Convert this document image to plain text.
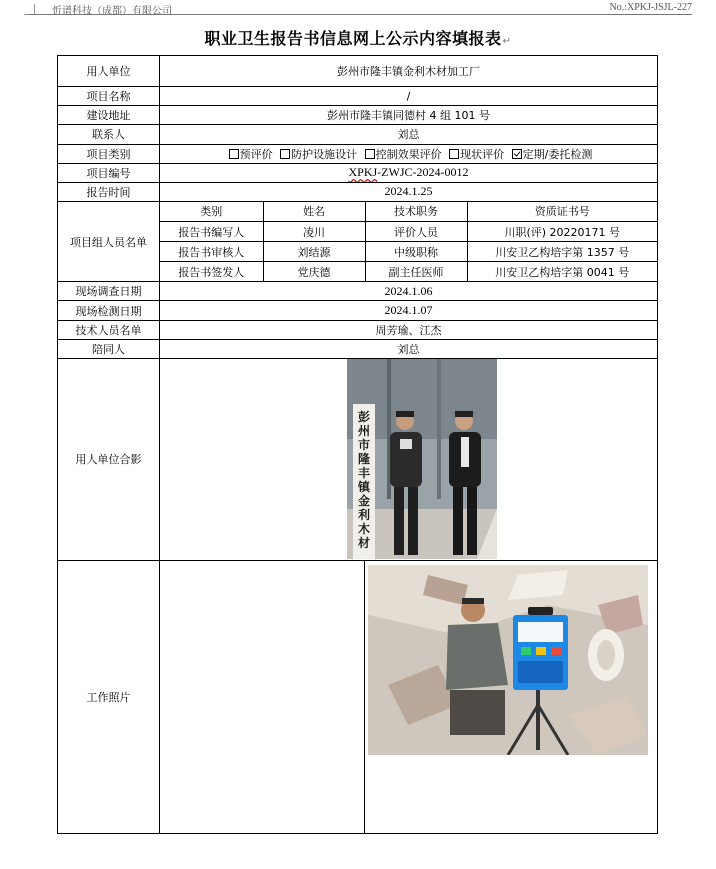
忻谱科技（成都）有限公司	No.:XPKJ-JSJL-227
职业卫生报告书信息网上公示内容填报表↵
用人单位	彭州市隆丰镇金利木材加工厂
项目名称	/
建设地址	彭州市隆丰镇同德村 4 组 101 号
联系人	刘总
项目类别	预评价 防护设施设计 控制效果评价 现状评价 定期/委托检测
项目编号	XPKJ-ZWJC-2024-0012
报告时间	2024.1.25
项目组人员名单	
类别	姓名	技术职务	资质证书号
报告书编写人	凌川	评价人员	川职(评) 20220171 号
报告书审核人	刘结源	中级职称	川安卫乙构培字第 1357 号
报告书签发人	党庆德	副主任医师	川安卫乙构培字第 0041 号

现场调查日期	2024.1.06
现场检测日期	2024.1.07
技术人员名单	周芳瑜、江杰
陪同人	刘总
用人单位合影	
彭
州
市
隆
丰
镇
金
利
木
材

工作照片	
